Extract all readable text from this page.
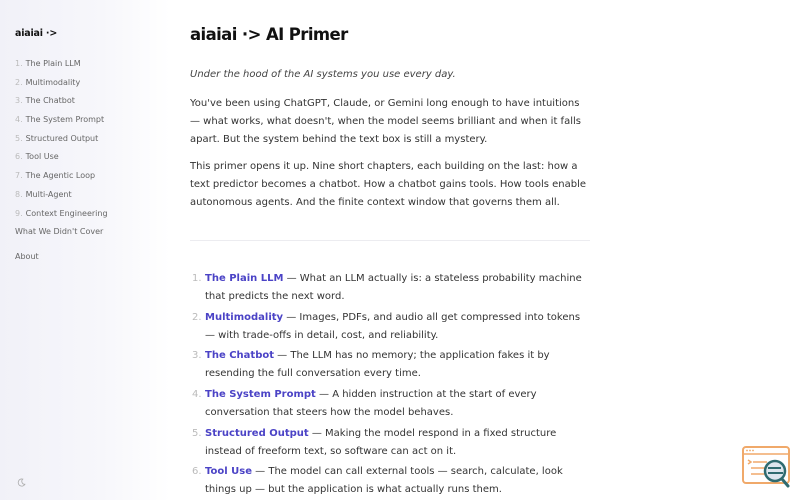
aiaiai ·>
1. The Plain LLM
2. Multimodality
3. The Chatbot
4. The System Prompt
5. Structured Output
6. Tool Use
7. The Agentic Loop
8. Multi-Agent
9. Context Engineering
What We Didn't Cover
About
aiaiai ·> AI Primer
Under the hood of the AI systems you use every day.

You've been using ChatGPT, Claude, or Gemini long enough to have intuitions — what works, what doesn't, when the model seems brilliant and when it falls apart. But the system behind the text box is still a mystery.

This primer opens it up. Nine short chapters, each building on the last: how a text predictor becomes a chatbot. How a chatbot gains tools. How tools enable autonomous agents. And the finite context window that governs them all.

1. The Plain LLM — What an LLM actually is: a stateless probability machine that predicts the next word.
2. Multimodality — Images, PDFs, and audio all get compressed into tokens — with trade-offs in detail, cost, and reliability.
3. The Chatbot — The LLM has no memory; the application fakes it by resending the full conversation every time.
4. The System Prompt — A hidden instruction at the start of every conversation that steers how the model behaves.
5. Structured Output — Making the model respond in a fixed structure instead of freeform text, so software can act on it.
6. Tool Use — The model can call external tools — search, calculate, look things up — but the application is what actually runs them.
